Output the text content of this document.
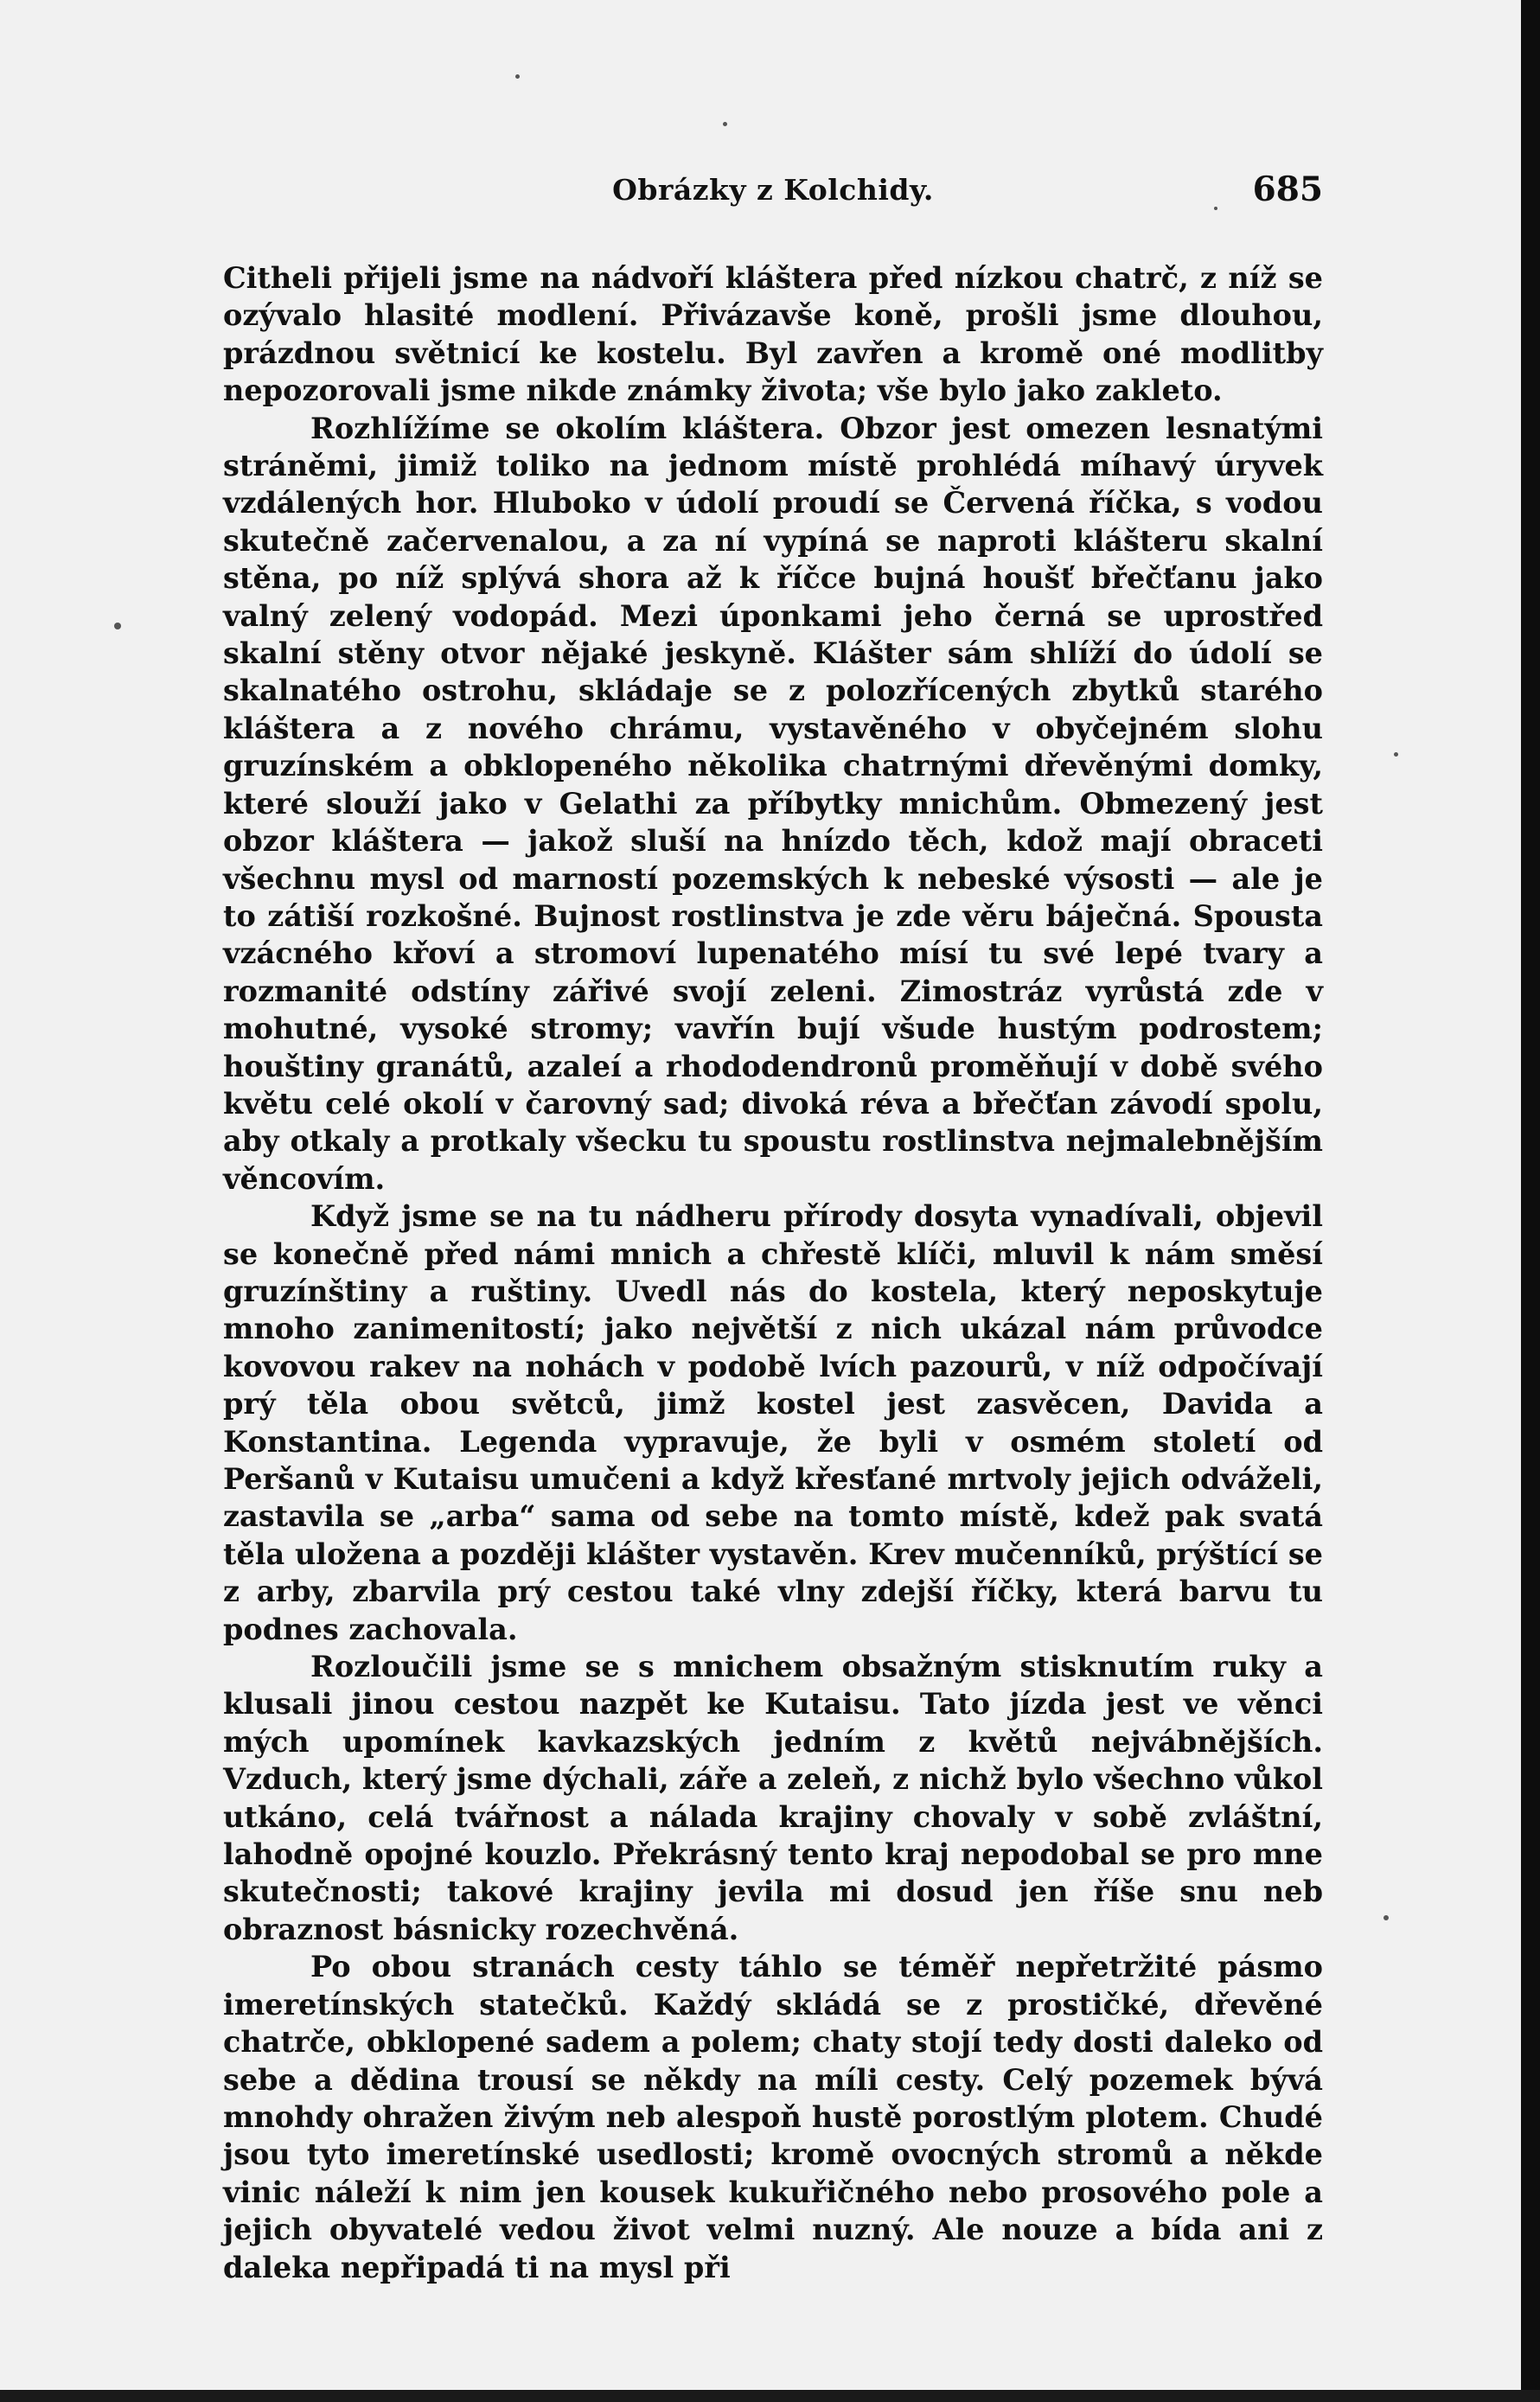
Obrázky z Kolchidy.	685

Citheli přijeli jsme na nádvoří kláštera před nízkou chatrč, z níž se ozývalo hlasité modlení. Přivázavše koně, prošli jsme dlouhou, prázdnou světnicí ke kostelu. Byl zavřen a kromě oné modlitby nepozorovali jsme nikde známky života; vše bylo jako zakleto.

Rozhlížíme se okolím kláštera. Obzor jest omezen lesnatými stráněmi, jimiž toliko na jednom místě prohlédá míhavý úryvek vzdálených hor. Hluboko v údolí proudí se Červená říčka, s vodou skutečně začervenalou, a za ní vypíná se naproti klášteru skalní stěna, po níž splývá shora až k říčce bujná houšť břečťanu jako valný zelený vodopád. Mezi úponkami jeho černá se uprostřed skalní stěny otvor nějaké jeskyně. Klášter sám shlíží do údolí se skalnatého ostrohu, skládaje se z polozřícených zbytků starého kláštera a z nového chrámu, vystavěného v obyčejném slohu gruzínském a obklopeného několika chatrnými dřevěnými domky, které slouží jako v Gelathi za příbytky mnichům. Obmezený jest obzor kláštera — jakož sluší na hnízdo těch, kdož mají obraceti všechnu mysl od marností pozemských k nebeské výsosti — ale je to zátiší rozkošné. Bujnost rostlinstva je zde věru báječná. Spousta vzácného křoví a stromoví lupenatého mísí tu své lepé tvary a rozmanité odstíny zářivé svojí zeleni. Zimostráz vyrůstá zde v mohutné, vysoké stromy; vavřín bují všude hustým podrostem; houštiny granátů, azaleí a rhododendronů proměňují v době svého květu celé okolí v čarovný sad; divoká réva a břečťan závodí spolu, aby otkaly a protkaly všecku tu spoustu rostlinstva nejmalebnějším věncovím.

Když jsme se na tu nádheru přírody dosyta vynadívali, objevil se konečně před námi mnich a chřestě klíči, mluvil k nám směsí gruzínštiny a ruštiny. Uvedl nás do kostela, který neposkytuje mnoho zanimenitostí; jako největší z nich ukázal nám průvodce kovovou rakev na nohách v podobě lvích pazourů, v níž odpočívají prý těla obou světců, jimž kostel jest zasvěcen, Davida a Konstantina. Legenda vypravuje, že byli v osmém století od Peršanů v Kutaisu umučeni a když křesťané mrtvoly jejich odváželi, zastavila se „arba“ sama od sebe na tomto místě, kdež pak svatá těla uložena a později klášter vystavěn. Krev mučenníků, prýštící se z arby, zbarvila prý cestou také vlny zdejší říčky, která barvu tu podnes zachovala.

Rozloučili jsme se s mnichem obsažným stisknutím ruky a klusali jinou cestou nazpět ke Kutaisu. Tato jízda jest ve věnci mých upomínek kavkazských jedním z květů nejvábnějších. Vzduch, který jsme dýchali, záře a zeleň, z nichž bylo všechno vůkol utkáno, celá tvářnost a nálada krajiny chovaly v sobě zvláštní, lahodně opojné kouzlo. Překrásný tento kraj nepodobal se pro mne skutečnosti; takové krajiny jevila mi dosud jen říše snu neb obraznost básnicky rozechvěná.

Po obou stranách cesty táhlo se téměř nepřetržité pásmo imeretínských statečků. Každý skládá se z prostičké, dřevěné chatrče, obklopené sadem a polem; chaty stojí tedy dosti daleko od sebe a dědina trousí se někdy na míli cesty. Celý pozemek bývá mnohdy ohražen živým neb alespoň hustě porostlým plotem. Chudé jsou tyto imeretínské usedlosti; kromě ovocných stromů a někde vinic náleží k nim jen kousek kukuřičného nebo prosového pole a jejich obyvatelé vedou život velmi nuzný. Ale nouze a bída ani z daleka nepřipadá ti na mysl při
